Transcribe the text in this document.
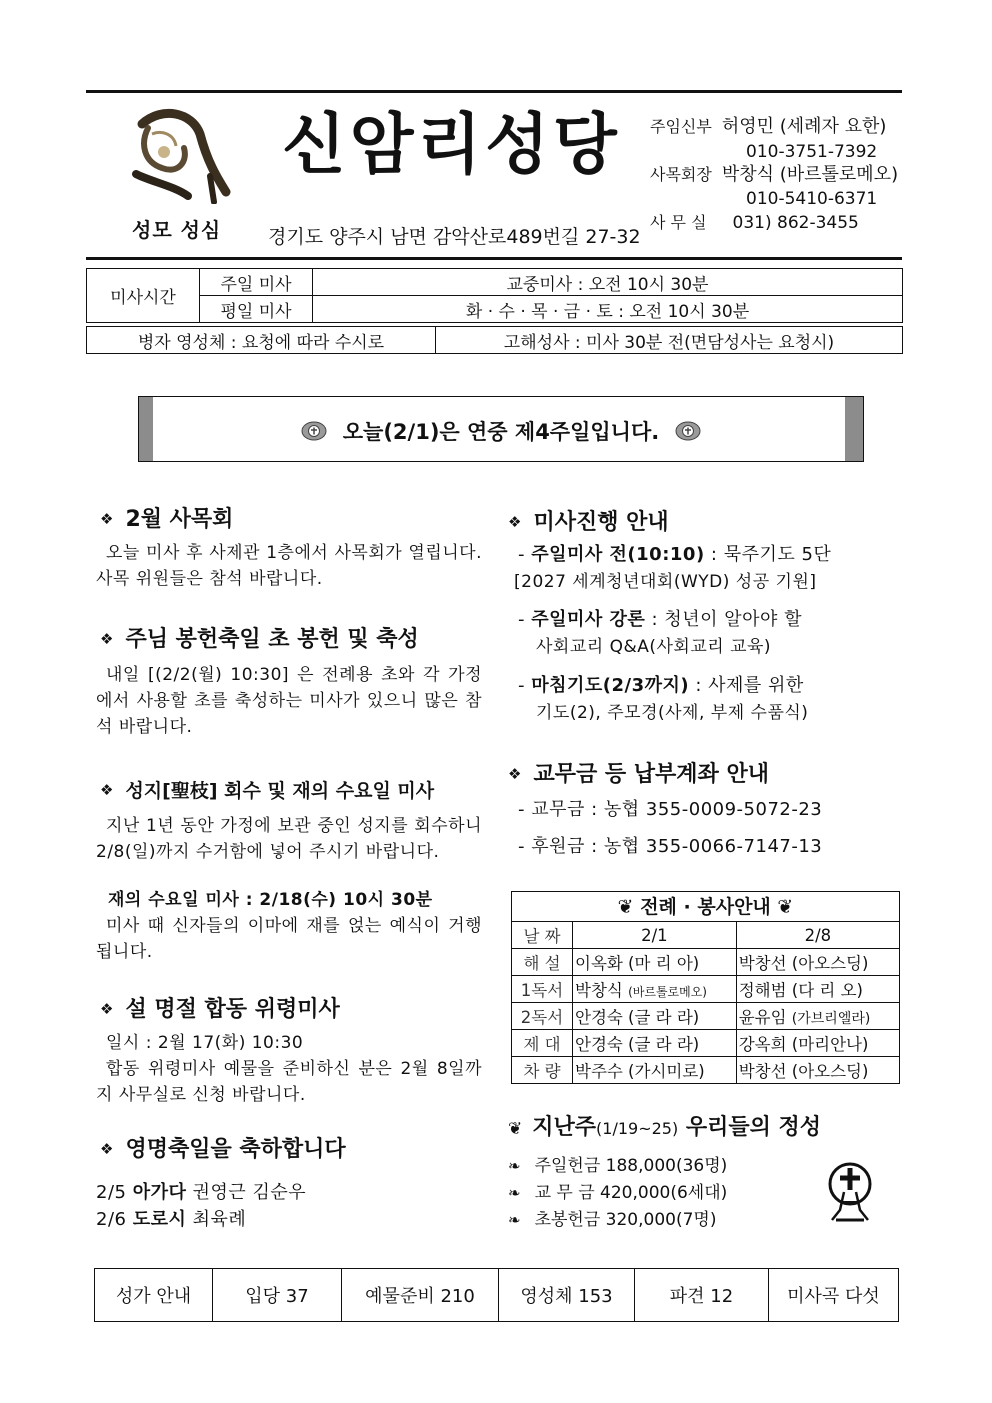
성모 성심
신암리성당
경기도 양주시 남면 감악산로489번길 27-32
주임신부 허영민 (세례자 요한)
010-3751-7392
사목회장 박창식 (바르톨로메오)
010-5410-6371
사 무 실 031) 862-3455
미사시간	주일 미사	교중미사 : 오전 10시 30분
	평일 미사	화 · 수 · 목 · 금 · 토 : 오전 10시 30분
병자 영성체 : 요청에 따라 수시로	고해성사 : 미사 30분 전(면담성사는 요청시)
오늘(2/1)은 연중 제4주일입니다.
❖ 2월 사목회
오늘 미사 후 사제관 1층에서 사목회가 열립니다. 사목 위원들은 참석 바랍니다.
❖ 주님 봉헌축일 초 봉헌 및 축성
내일 [(2/2(월) 10:30] 은 전례용 초와 각 가정에서 사용할 초를 축성하는 미사가 있으니 많은 참석 바랍니다.
❖ 성지[聖枝] 회수 및 재의 수요일 미사
지난 1년 동안 가정에 보관 중인 성지를 회수하니 2/8(일)까지 수거함에 넣어 주시기 바랍니다.
재의 수요일 미사 : 2/18(수) 10시 30분
미사 때 신자들의 이마에 재를 얹는 예식이 거행됩니다.
❖ 설 명절 합동 위령미사
일시 : 2월 17(화) 10:30
합동 위령미사 예물을 준비하신 분은 2월 8일까지 사무실로 신청 바랍니다.
❖ 영명축일을 축하합니다
2/5 아가다 권영근 김순우
2/6 도로시 최육례
❖ 미사진행 안내
- 주일미사 전(10:10) : 묵주기도 5단
[2027 세계청년대회(WYD) 성공 기원]
- 주일미사 강론 : 청년이 알아야 할
사회교리 Q&A(사회교리 교육)
- 마침기도(2/3까지) : 사제를 위한
기도(2), 주모경(사제, 부제 수품식)
❖ 교무금 등 납부계좌 안내
- 교무금 : 농협 355-0009-5072-23
- 후원금 : 농협 355-0066-7147-13
❦ 전례 · 봉사안내 ❦
날 짜	2/1	2/8
해 설	이옥화 (마 리 아)	박창선 (아오스딩)
1독서	박창식 (바르톨로메오)	정해범 (다 리 오)
2독서	안경숙 (글 라 라)	윤유임 (가브리엘라)
제 대	안경숙 (글 라 라)	강옥희 (마리안나)
차 량	박주수 (가시미로)	박창선 (아오스딩)
❦ 지난주(1/19~25) 우리들의 정성
❧ 주일헌금 188,000(36명)
❧ 교 무 금 420,000(6세대)
❧ 초봉헌금 320,000(7명)
성가 안내	입당 37	예물준비 210	영성체 153	파견 12	미사곡 다섯
